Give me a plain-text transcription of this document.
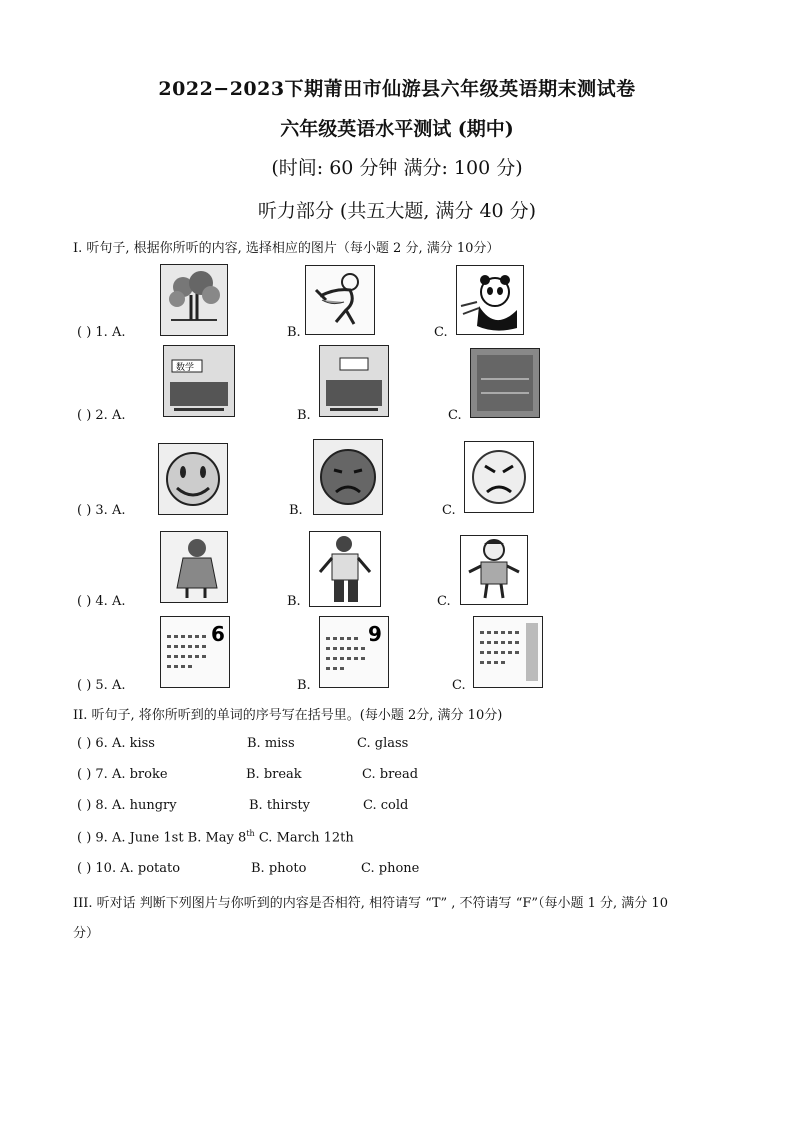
2022−2023下期莆田市仙游县六年级英语期末测试卷
六年级英语水平测试 (期中)
(时间: 60 分钟 满分: 100 分)
听力部分 (共五大题, 满分 40 分)
I. 听句子, 根据你所听的内容, 选择相应的图片（每小题 2 分, 满分 10分）
( ) 1. A.	B.	C.
( ) 2. A.
数学
B.	C.
( ) 3. A.	B.	C.
( ) 4. A.	B.	C.
( ) 5. A.
6
B.
9
C.
II. 听句子, 将你所听到的单词的序号写在括号里。(每小题 2分, 满分 10分)
( ) 6. A. kiss	B. miss	C. glass
( ) 7. A. broke	B. break	C. bread
( ) 8. A. hungry	B. thirsty	C. cold
( ) 9. A. June 1st B. May 8th C. March 12th
( ) 10. A. potato	B. photo	C. phone
III. 听对话 判断下列图片与你听到的内容是否相符, 相符请写 “T” , 不符请写 “F”（每小题 1 分, 满分 10
分）
